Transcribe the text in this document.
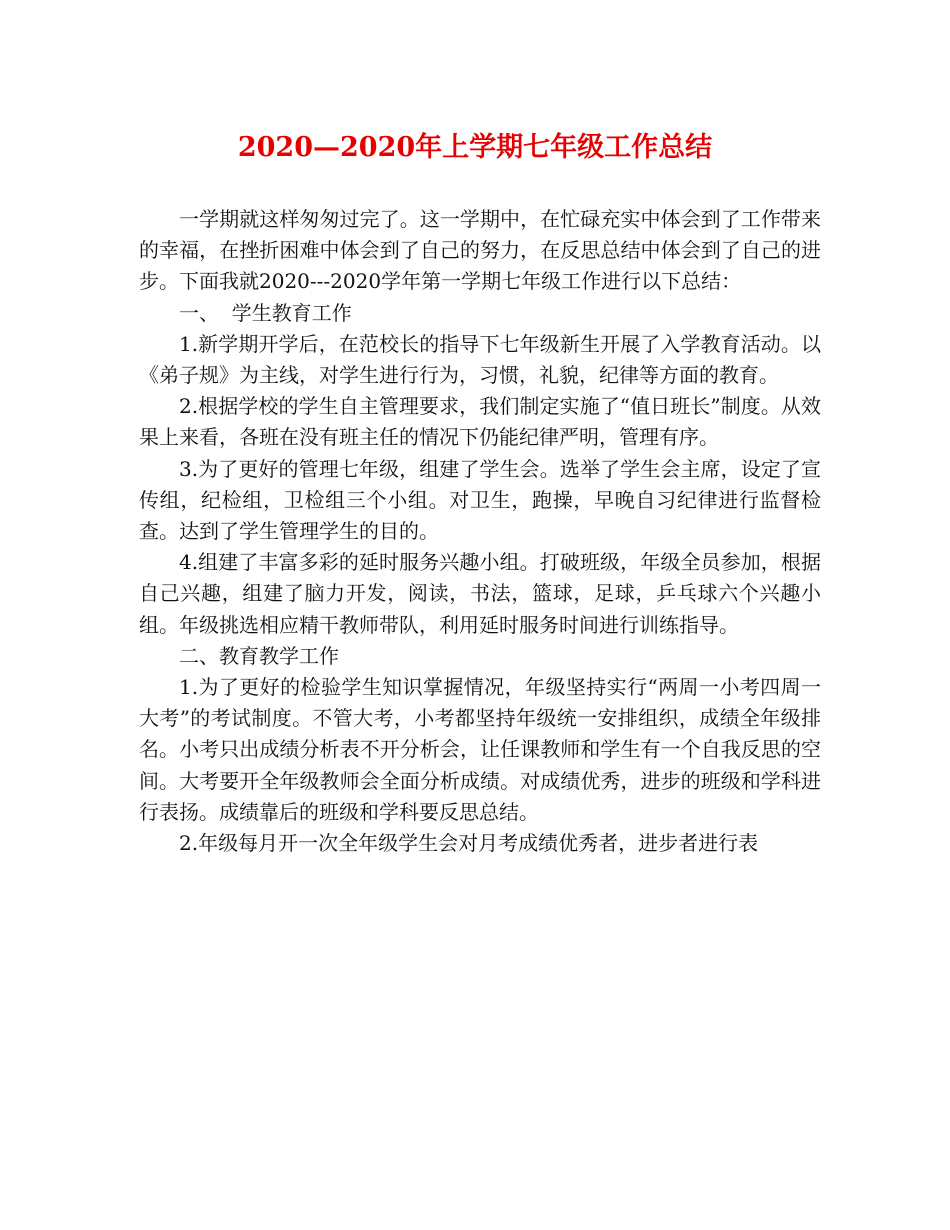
2020—2020年上学期七年级工作总结

一学期就这样匆匆过完了。这一学期中，在忙碌充实中体会到了工作带来的幸福，在挫折困难中体会到了自己的努力，在反思总结中体会到了自己的进步。下面我就2020---2020学年第一学期七年级工作进行以下总结：

一、  学生教育工作

1.新学期开学后，在范校长的指导下七年级新生开展了入学教育活动。以《弟子规》为主线，对学生进行行为，习惯，礼貌，纪律等方面的教育。

2.根据学校的学生自主管理要求，我们制定实施了“值日班长”制度。从效果上来看，各班在没有班主任的情况下仍能纪律严明，管理有序。

3.为了更好的管理七年级，组建了学生会。选举了学生会主席，设定了宣传组，纪检组，卫检组三个小组。对卫生，跑操，早晚自习纪律进行监督检查。达到了学生管理学生的目的。

4.组建了丰富多彩的延时服务兴趣小组。打破班级，年级全员参加，根据自己兴趣，组建了脑力开发，阅读，书法，篮球，足球，乒乓球六个兴趣小组。年级挑选相应精干教师带队，利用延时服务时间进行训练指导。

二、教育教学工作

1.为了更好的检验学生知识掌握情况，年级坚持实行“两周一小考四周一大考”的考试制度。不管大考，小考都坚持年级统一安排组织，成绩全年级排名。小考只出成绩分析表不开分析会，让任课教师和学生有一个自我反思的空间。大考要开全年级教师会全面分析成绩。对成绩优秀，进步的班级和学科进行表扬。成绩靠后的班级和学科要反思总结。

2.年级每月开一次全年级学生会对月考成绩优秀者，进步者进行表
